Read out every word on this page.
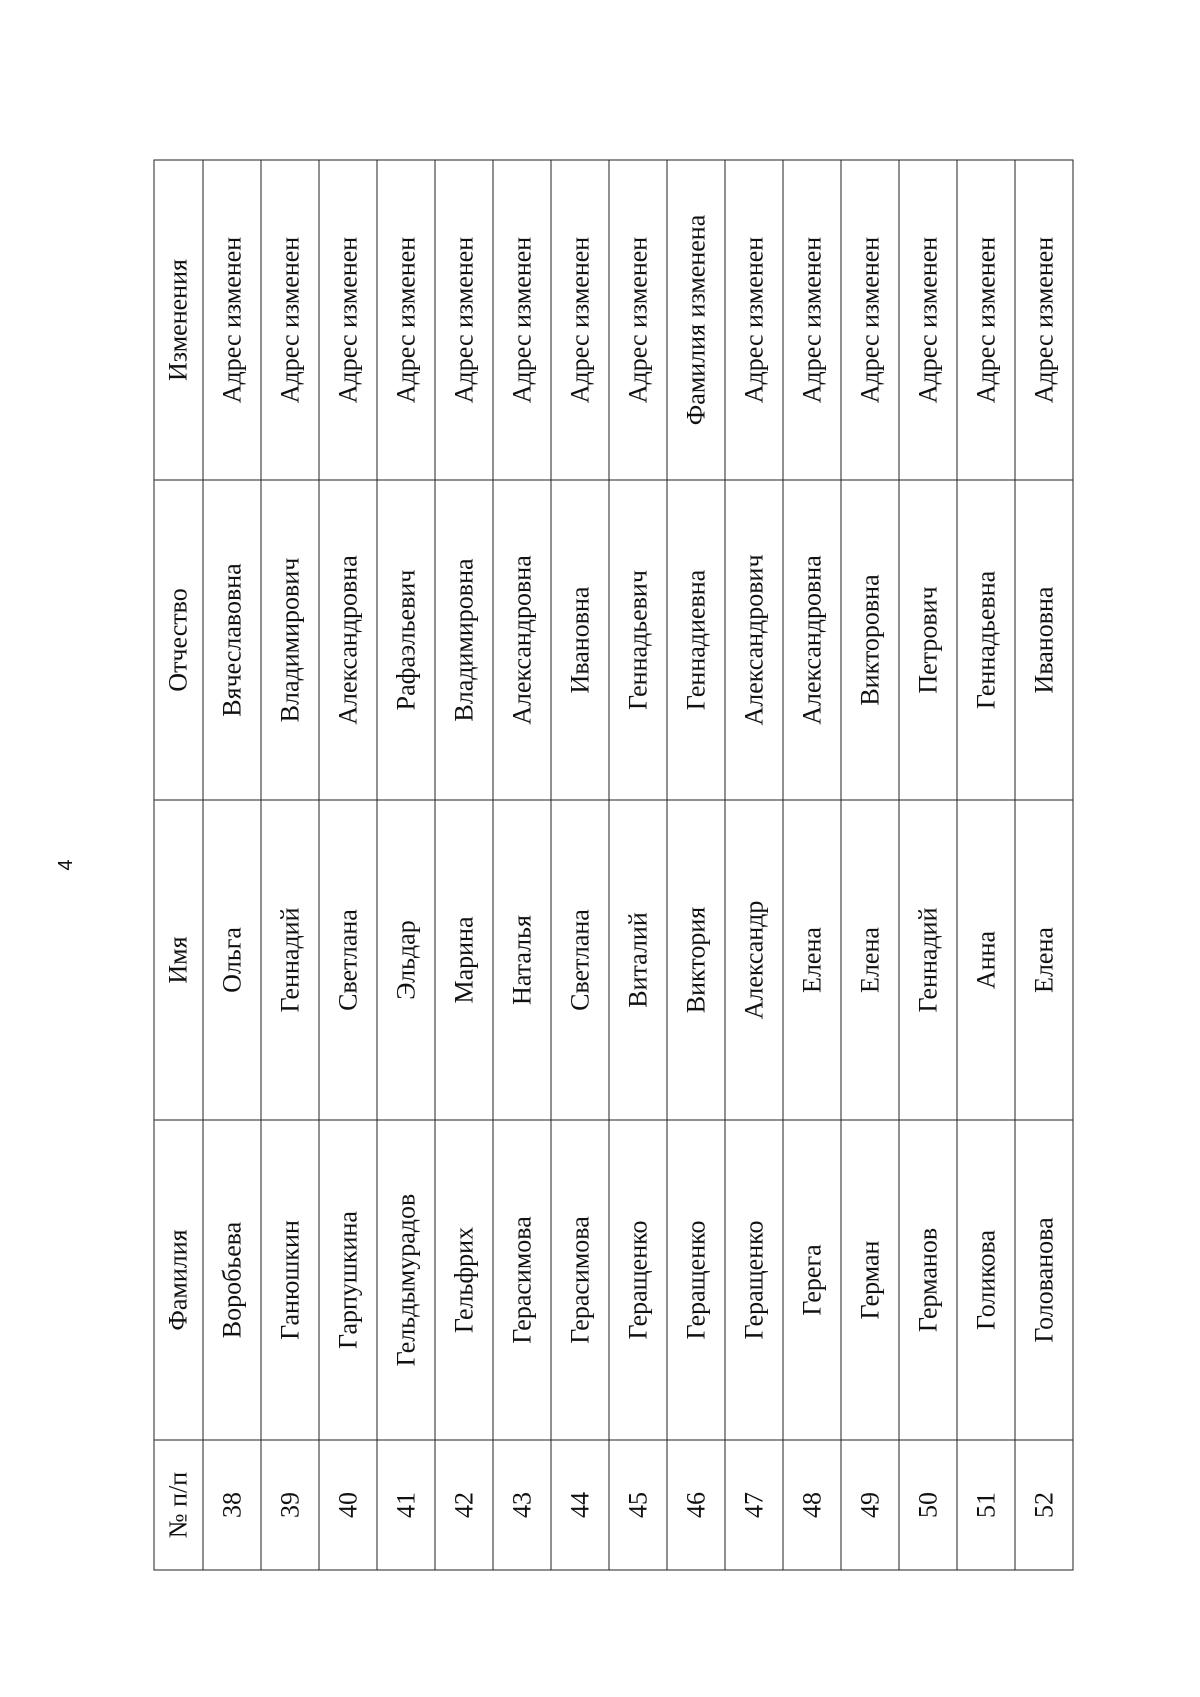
4
№ п/п	Фамилия	Имя	Отчество	Изменения
38	Воробьева	Ольга	Вячеславовна	Адрес изменен
39	Ганюшкин	Геннадий	Владимирович	Адрес изменен
40	Гарпушкина	Светлана	Александровна	Адрес изменен
41	Гельдымурадов	Эльдар	Рафаэльевич	Адрес изменен
42	Гельфрих	Марина	Владимировна	Адрес изменен
43	Герасимова	Наталья	Александровна	Адрес изменен
44	Герасимова	Светлана	Ивановна	Адрес изменен
45	Геращенко	Виталий	Геннадьевич	Адрес изменен
46	Геращенко	Виктория	Геннадиевна	Фамилия изменена
47	Геращенко	Александр	Александрович	Адрес изменен
48	Герега	Елена	Александровна	Адрес изменен
49	Герман	Елена	Викторовна	Адрес изменен
50	Германов	Геннадий	Петрович	Адрес изменен
51	Голикова	Анна	Геннадьевна	Адрес изменен
52	Голованова	Елена	Ивановна	Адрес изменен
